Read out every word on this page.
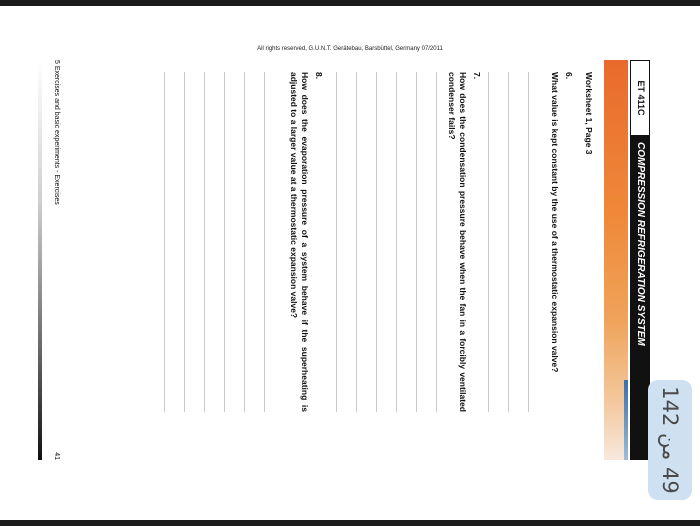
All rights reserved, G.U.N.T. Gerätebau, Barsbüttel, Germany 07/2011
ET 411C
COMPRESSION REFRIGERATION SYSTEM
Worksheet 1, Page 3
6.
What value is kept constant by the use of a thermostatic expansion valve?
7.
How does the condensation pressure behave when the fan in a forcibly ventilated condenser fails?
8.
How does the evaporation pressure of a system behave if the superheating is adjusted to a larger value at a thermostatic expansion valve?
5 Exercises and basic experiments - Exercises
41
49 من 142
